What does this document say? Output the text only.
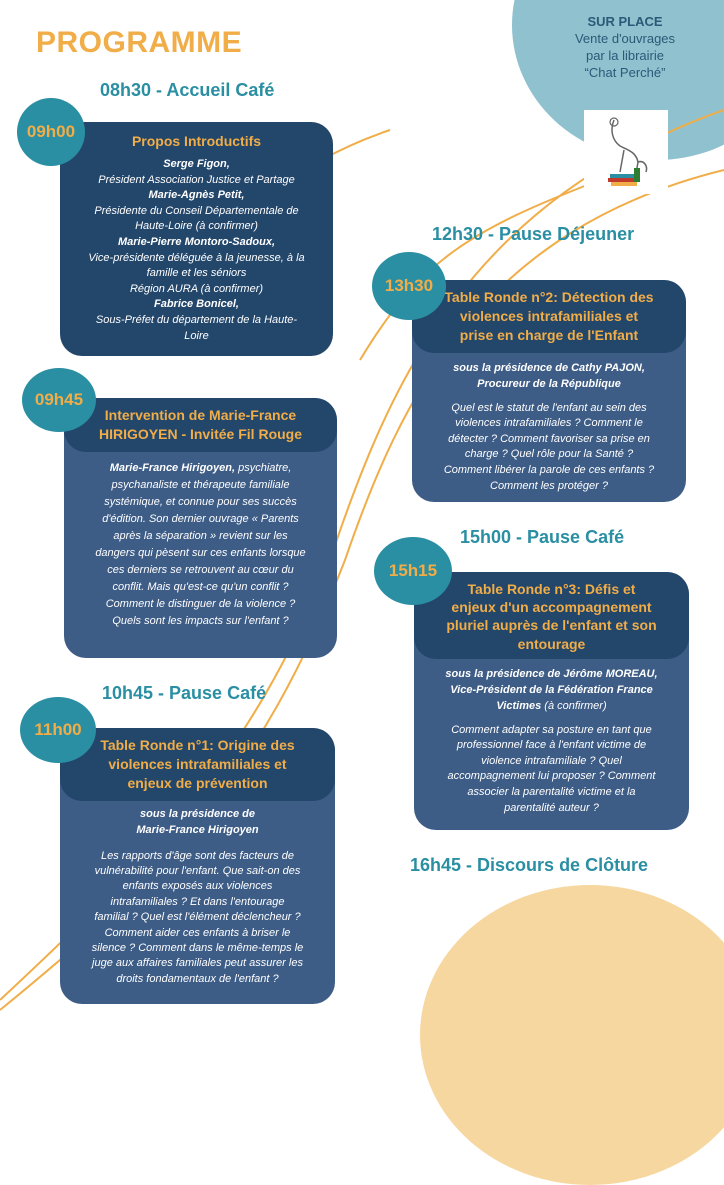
PROGRAMME
SUR PLACE
Vente d'ouvrages
par la librairie
“Chat Perché”
08h30 - Accueil Café
12h30 - Pause Déjeuner
10h45 - Pause Café
15h00 - Pause Café
16h45 - Discours de Clôture
Propos Introductifs
Serge Figon,
Président Association Justice et Partage
Marie-Agnès Petit,
Présidente du Conseil Départementale de
Haute-Loire (à confirmer)
Marie-Pierre Montoro-Sadoux,
Vice-présidente déléguée à la jeunesse, à la
famille et les séniors
Région AURA (à confirmer)
Fabrice Bonicel,
Sous-Préfet du département de la Haute-
Loire
09h00
Intervention de Marie-France
HIRIGOYEN - Invitée Fil Rouge
Marie-France Hirigoyen, psychiatre,
psychanaliste et thérapeute familiale
systémique, et connue pour ses succès
d'édition. Son dernier ouvrage « Parents
après la séparation » revient sur les
dangers qui pèsent sur ces enfants lorsque
ces derniers se retrouvent au cœur du
conflit. Mais qu'est-ce qu'un conflit ?
Comment le distinguer de la violence ?
Quels sont les impacts sur l'enfant ?
09h45
Table Ronde n°1: Origine des
violences intrafamiliales et
enjeux de prévention
sous la présidence de
Marie-France Hirigoyen
Les rapports d'âge sont des facteurs de
vulnérabilité pour l'enfant. Que sait-on des
enfants exposés aux violences
intrafamiliales ? Et dans l'entourage
familial ? Quel est l'élément déclencheur ?
Comment aider ces enfants à briser le
silence ? Comment dans le même-temps le
juge aux affaires familiales peut assurer les
droits fondamentaux de l'enfant ?
11h00
Table Ronde n°2: Détection des
violences intrafamiliales et
prise en charge de l'Enfant
sous la présidence de Cathy PAJON,
Procureur de la République
Quel est le statut de l'enfant au sein des
violences intrafamiliales ? Comment le
détecter ? Comment favoriser sa prise en
charge ? Quel rôle pour la Santé ?
Comment libérer la parole de ces enfants ?
Comment les protéger ?
13h30
Table Ronde n°3: Défis et
enjeux d'un accompagnement
pluriel auprès de l'enfant et son
entourage
sous la présidence de Jérôme MOREAU,
Vice-Président de la Fédération France
Victimes (à confirmer)
Comment adapter sa posture en tant que
professionnel face à l'enfant victime de
violence intrafamiliale ? Quel
accompagnement lui proposer ? Comment
associer la parentalité victime et la
parentalité auteur ?
15h15
